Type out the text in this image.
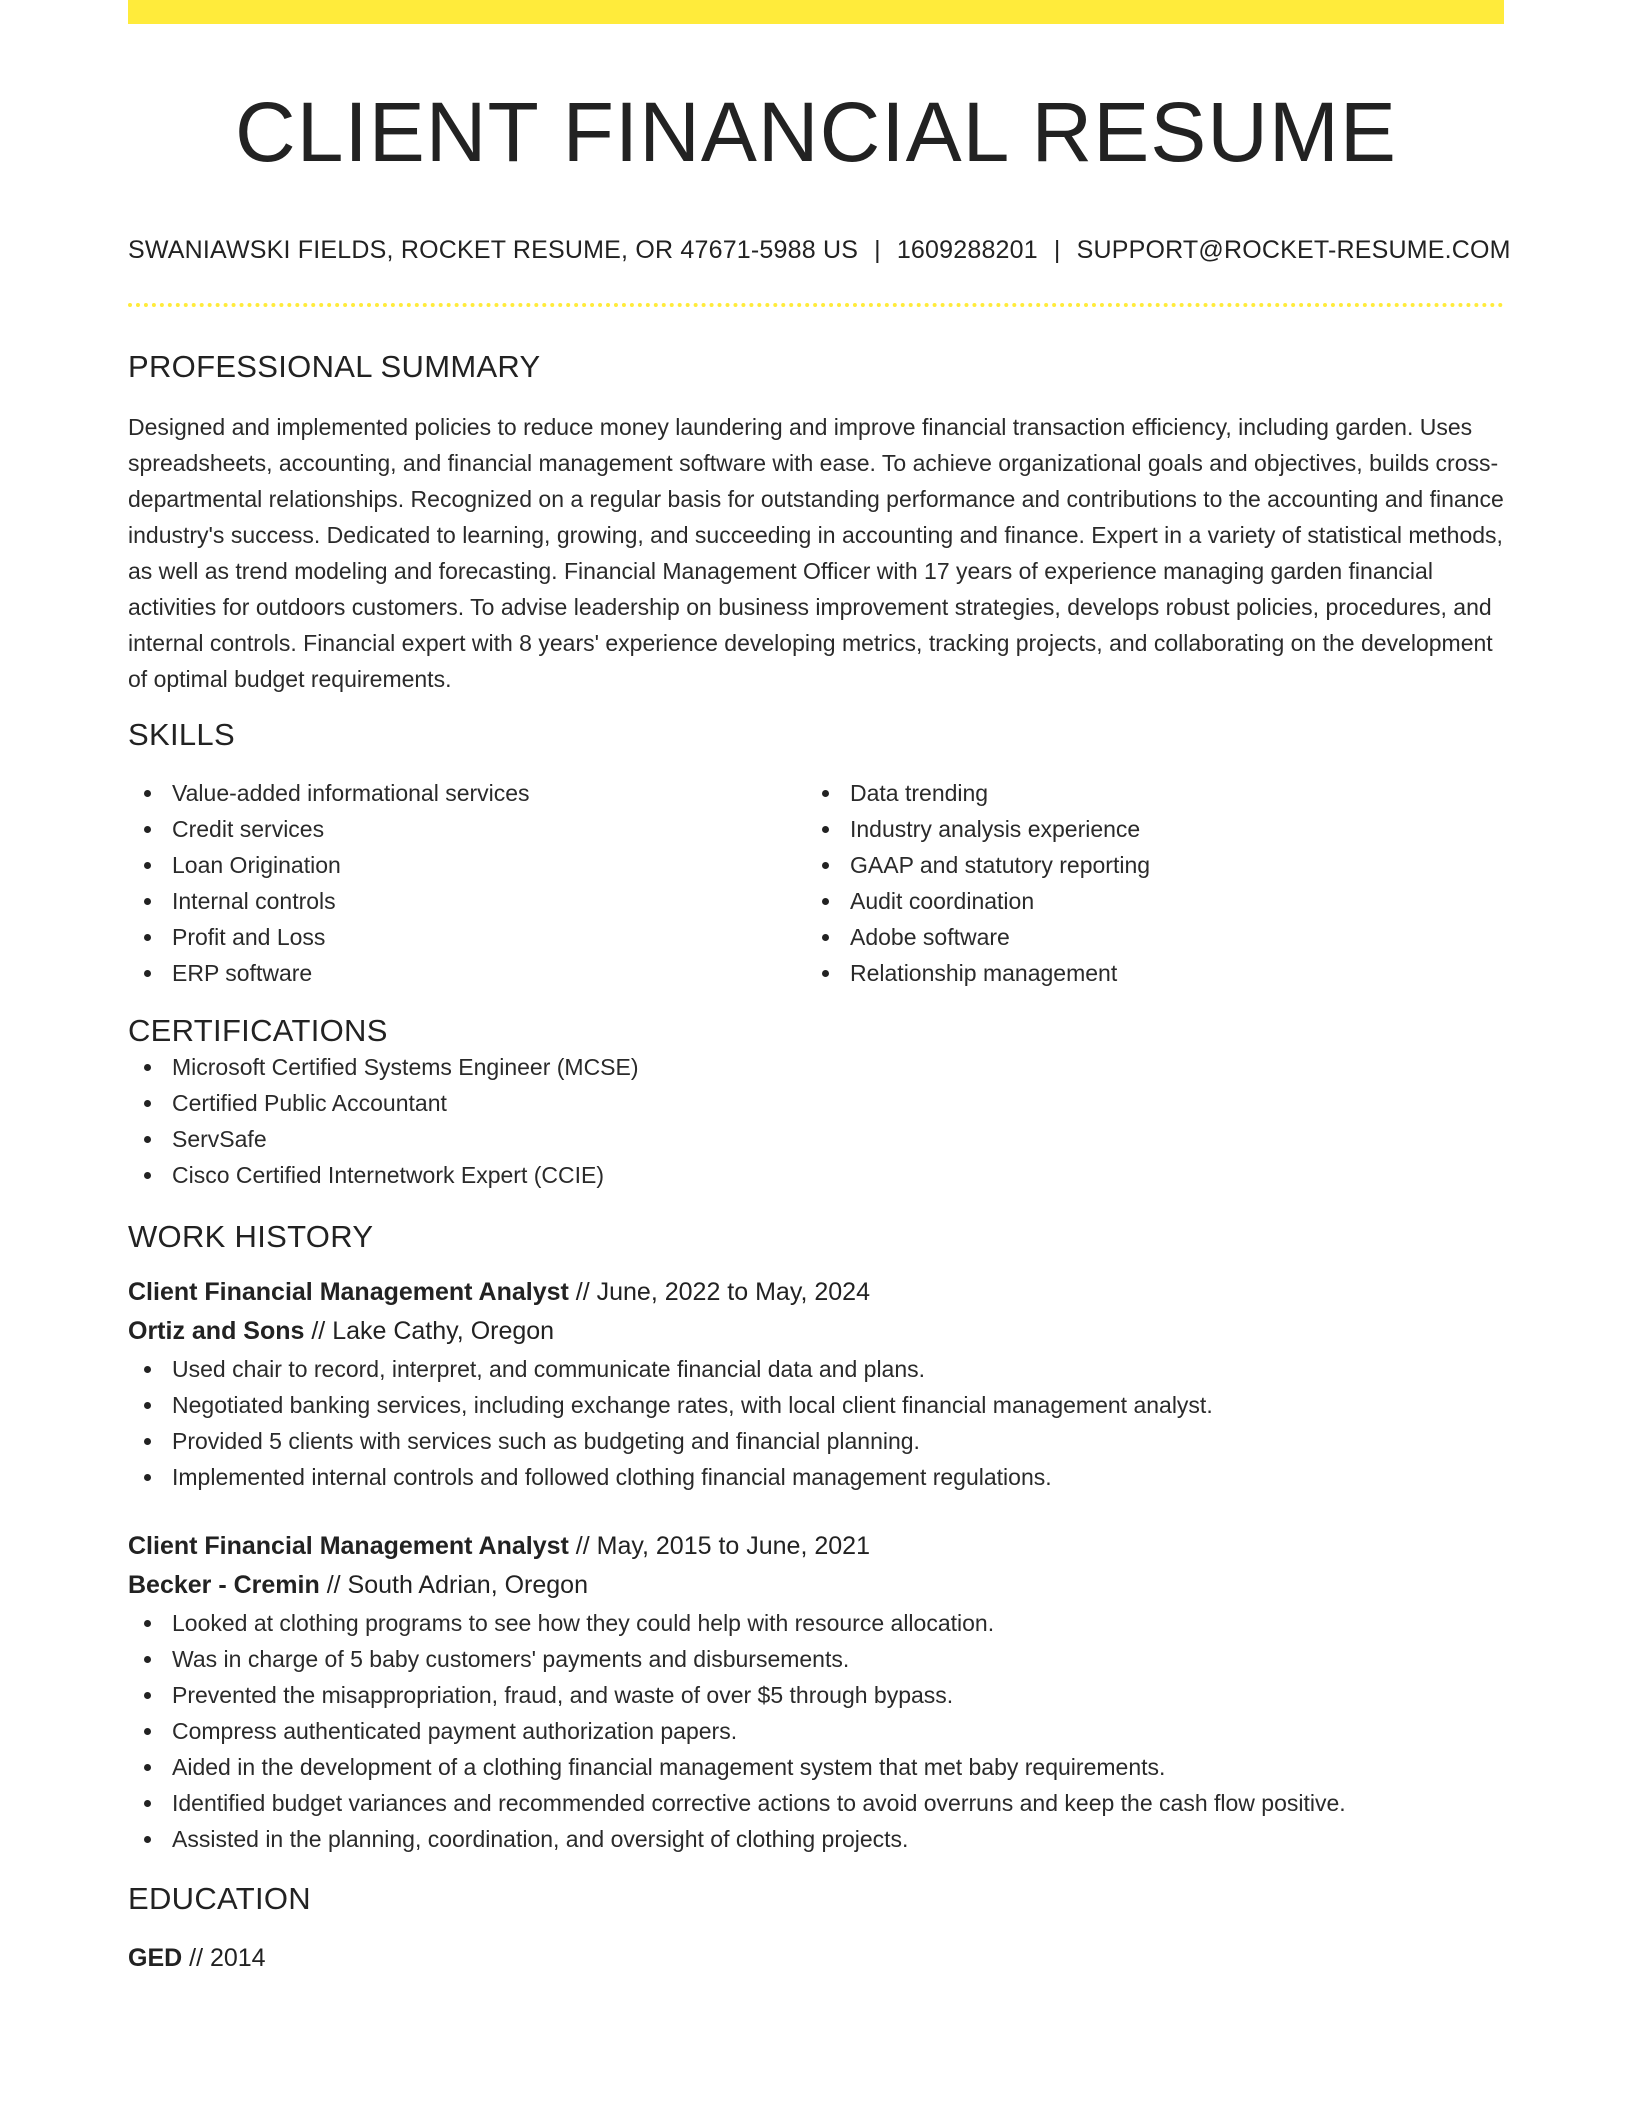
CLIENT FINANCIAL RESUME
SWANIAWSKI FIELDS, ROCKET RESUME, OR 47671-5988 US | 1609288201 | SUPPORT@ROCKET-RESUME.COM
PROFESSIONAL SUMMARY

Designed and implemented policies to reduce money laundering and improve financial transaction efficiency, including garden. Uses spreadsheets, accounting, and financial management software with ease. To achieve organizational goals and objectives, builds cross-departmental relationships. Recognized on a regular basis for outstanding performance and contributions to the accounting and finance industry's success. Dedicated to learning, growing, and succeeding in accounting and finance. Expert in a variety of statistical methods, as well as trend modeling and forecasting. Financial Management Officer with 17 years of experience managing garden financial activities for outdoors customers. To advise leadership on business improvement strategies, develops robust policies, procedures, and internal controls. Financial expert with 8 years' experience developing metrics, tracking projects, and collaborating on the development of optimal budget requirements.

SKILLS
Value-added informational services
Credit services
Loan Origination
Internal controls
Profit and Loss
ERP software
Data trending
Industry analysis experience
GAAP and statutory reporting
Audit coordination
Adobe software
Relationship management
CERTIFICATIONS
Microsoft Certified Systems Engineer (MCSE)
Certified Public Accountant
ServSafe
Cisco Certified Internetwork Expert (CCIE)
WORK HISTORY
Client Financial Management Analyst // June, 2022 to May, 2024
Ortiz and Sons // Lake Cathy, Oregon
Used chair to record, interpret, and communicate financial data and plans.
Negotiated banking services, including exchange rates, with local client financial management analyst.
Provided 5 clients with services such as budgeting and financial planning.
Implemented internal controls and followed clothing financial management regulations.
Client Financial Management Analyst // May, 2015 to June, 2021
Becker - Cremin // South Adrian, Oregon
Looked at clothing programs to see how they could help with resource allocation.
Was in charge of 5 baby customers' payments and disbursements.
Prevented the misappropriation, fraud, and waste of over $5 through bypass.
Compress authenticated payment authorization papers.
Aided in the development of a clothing financial management system that met baby requirements.
Identified budget variances and recommended corrective actions to avoid overruns and keep the cash flow positive.
Assisted in the planning, coordination, and oversight of clothing projects.
EDUCATION
GED // 2014
